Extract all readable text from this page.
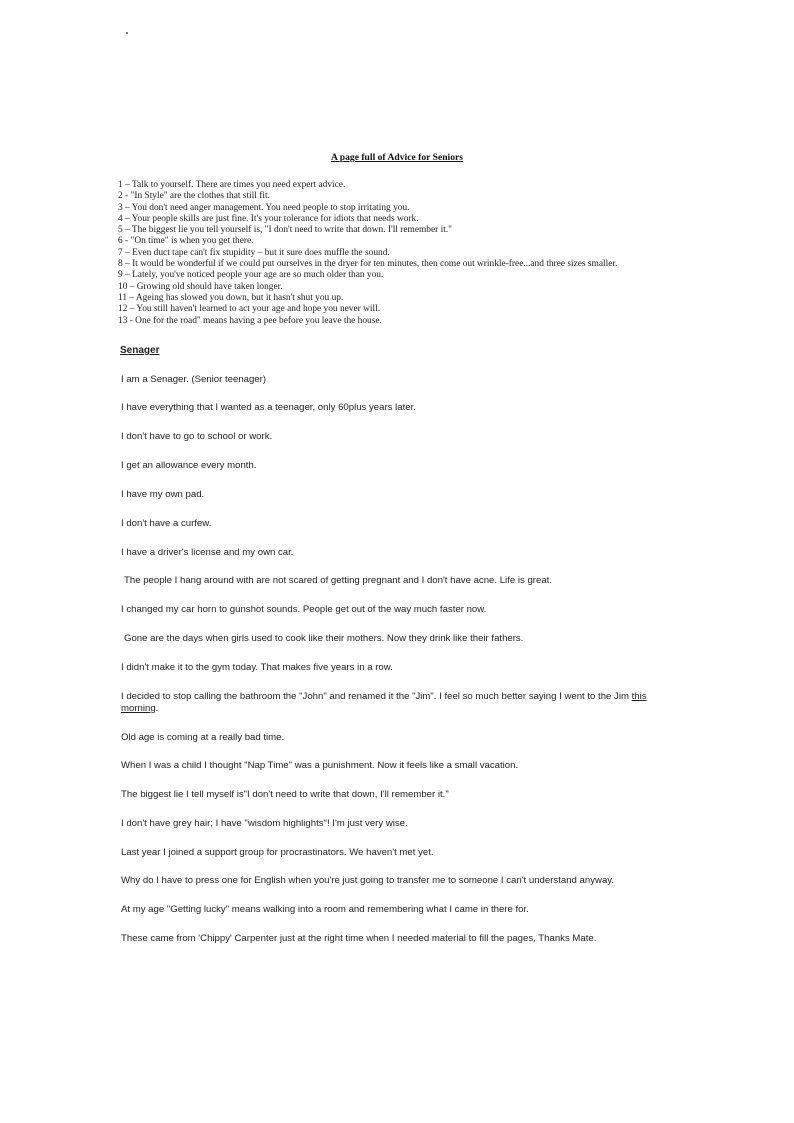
A page full of Advice for Seniors
1 – Talk to yourself. There are times you need expert advice.
2 - "In Style" are the clothes that still fit.
3 – You don't need anger management. You need people to stop irritating you.
4 – Your people skills are just fine. It's your tolerance for idiots that needs work.
5 – The biggest lie you tell yourself is, "I don't need to write that down. I'll remember it."
6 - "On time" is when you get there.
7 – Even duct tape can't fix stupidity – but it sure does muffle the sound.
8 – It would be wonderful if we could put ourselves in the dryer for ten minutes, then come out wrinkle-free...and three sizes smaller.
9 – Lately, you've noticed people your age are so much older than you.
10 – Growing old should have taken longer.
11 – Ageing has slowed you down, but it hasn't shut you up.
12 – You still haven't learned to act your age and hope you never will.
13 - One for the road" means having a pee before you leave the house.
Senager

I am a Senager. (Senior teenager)

I have everything that I wanted as a teenager, only 60plus years later.

I don't have to go to school or work.

I get an allowance every month.

I have my own pad.

I don't have a curfew.

I have a driver's license and my own car.

The people I hang around with are not scared of getting pregnant and I don't have acne. Life is great.

I changed my car horn to gunshot sounds. People get out of the way much faster now.

Gone are the days when girls used to cook like their mothers. Now they drink like their fathers.

I didn't make it to the gym today. That makes five years in a row.

I decided to stop calling the bathroom the "John" and renamed it the "Jim". I feel so much better saying I went to the Jim this
morning.

Old age is coming at a really bad time.

When I was a child I thought "Nap Time" was a punishment. Now it feels like a small vacation.

The biggest lie I tell myself is"I don't need to write that down, I'll remember it."

I don't have grey hair; I have "wisdom highlights"! I'm just very wise.

Last year I joined a support group for procrastinators. We haven't met yet.

Why do I have to press one for English when you're just going to transfer me to someone I can't understand anyway.

At my age "Getting lucky" means walking into a room and remembering what I came in there for.

These came from 'Chippy' Carpenter just at the right time when I needed material to fill the pages, Thanks Mate.
